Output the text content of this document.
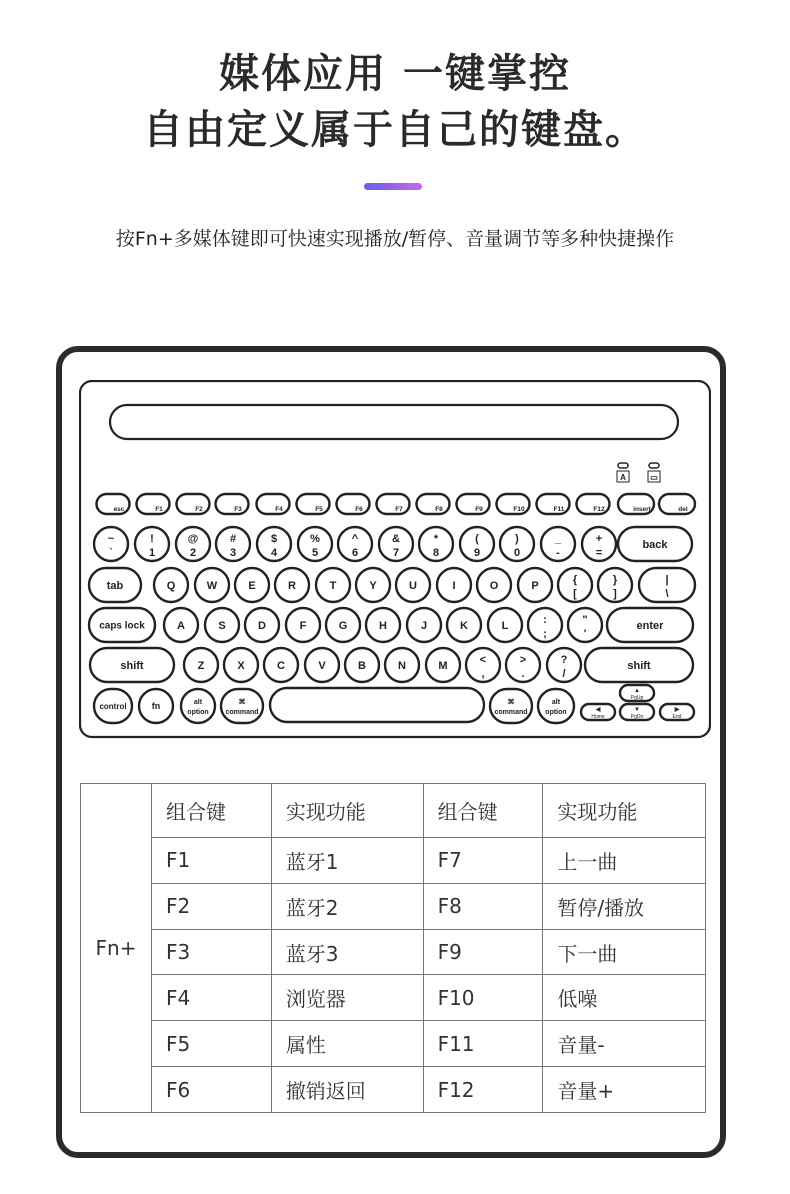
媒体应用 一键掌控
自由定义属于自己的键盘。
按Fn+多媒体键即可快速实现播放/暂停、音量调节等多种快捷操作
A	▭
esc	F1	F2	F3	F4	F5	F6	F7	F8	F9	F10	F11	F12	insert	del
~
`
!
1
@
2
#
3
$
4
%
5
^
6
&
7
*
8
(
9
)
0
_
-
+
=
back
tab	Q	W	E	R	T	Y	U	I	O	P	{
[
}
]
|
\
caps lock	A	S	D	F	G	H	J	K	L	:
;
"
'
enter
shift	Z	X	C	V	B	N	M	<
,
>
.
?
/
shift
control	fn	alt
option
⌘
command
⌘
command
alt
option
▲
PgUp
◀
Home
▼
PgDn
▶
End
Fn+	组合键	实现功能	组合键	实现功能
	F1	蓝牙1	F7	上一曲
	F2	蓝牙2	F8	暂停/播放
	F3	蓝牙3	F9	下一曲
	F4	浏览器	F10	低噪
	F5	属性	F11	音量-
	F6	撤销返回	F12	音量+
